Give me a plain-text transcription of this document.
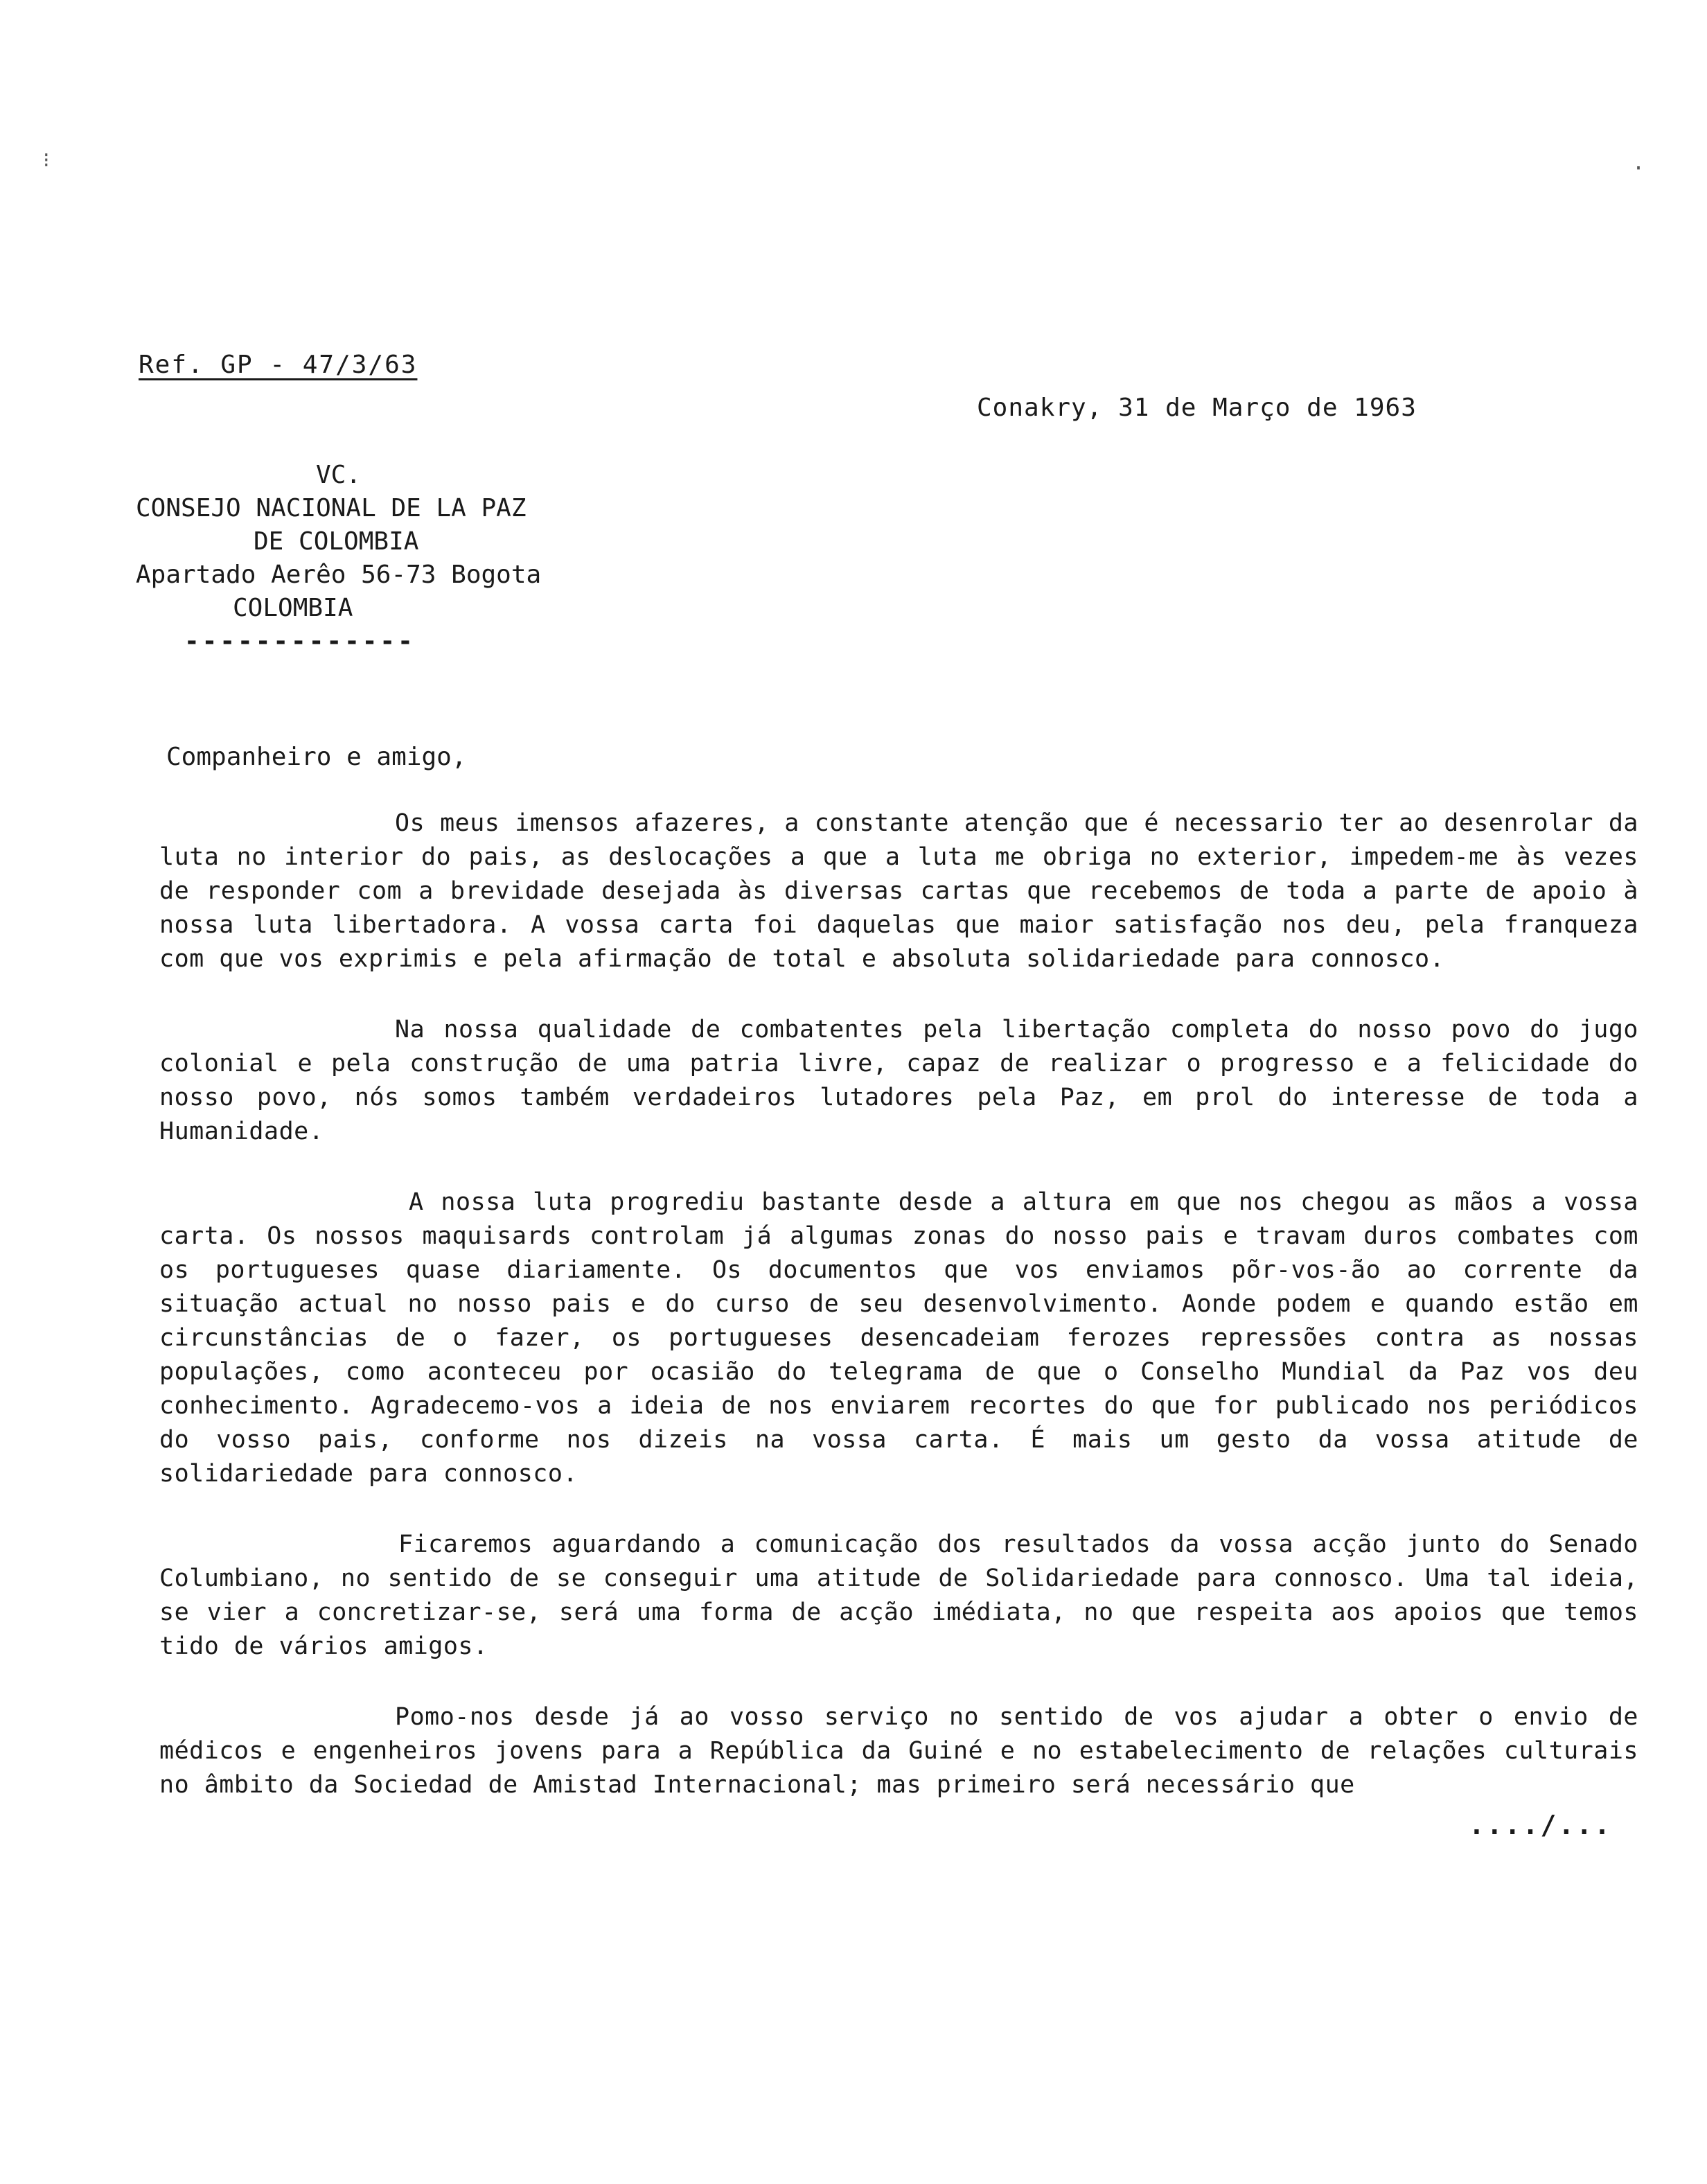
⁝	·
Ref. GP - 47/3/63
Conakry, 31 de Março de 1963
VC.
CONSEJO NACIONAL DE LA PAZ
DE COLOMBIA
Apartado Aerêo 56-73 Bogota
COLOMBIA
-------------
Companheiro e amigo,

Os meus imensos afazeres, a constante atenção que é necessario ter ao desenrolar da luta no interior do pais, as deslocações a que a luta me obriga no exterior, impedem-me às vezes de responder com a brevidade desejada às diversas cartas que recebemos de toda a parte de apoio à nossa luta libertadora. A vossa carta foi daquelas que maior satisfação nos deu, pela franqueza com que vos exprimis e pela afirmação de total e absoluta solidariedade para connosco.

Na nossa qualidade de combatentes pela libertação completa do nosso povo do jugo colonial e pela construção de uma patria livre, capaz de realizar o progresso e a felicidade do nosso povo, nós somos também verdadeiros lutadores pela Paz, em prol do interesse de toda a Humanidade.

A nossa luta progrediu bastante desde a altura em que nos chegou as mãos a vossa carta. Os nossos maquisards controlam já algumas zonas do nosso pais e travam duros combates com os portugueses quase diariamente. Os documentos que vos enviamos põr-vos-ão ao corrente da situação actual no nosso pais e do curso de seu desenvolvimento. Aonde podem e quando estão em circunstâncias de o fazer, os portugueses desencadeiam ferozes repressões contra as nossas populações, como aconteceu por ocasião do telegrama de que o Conselho Mundial da Paz vos deu conhecimento. Agradecemo-vos a ideia de nos enviarem recortes do que for publicado nos periódicos do vosso pais, conforme nos dizeis na vossa carta. É mais um gesto da vossa atitude de solidariedade para connosco.

Ficaremos aguardando a comunicação dos resultados da vossa acção junto do Senado Columbiano, no sentido de se conseguir uma atitude de Solidariedade para connosco. Uma tal ideia, se vier a concretizar-se, será uma forma de acção imédiata, no que respeita aos apoios que temos tido de vários amigos.

Pomo-nos desde já ao vosso serviço no sentido de vos ajudar a obter o envio de médicos e engenheiros jovens para a República da Guiné e no estabelecimento de relações culturais no âmbito da Sociedad de Amistad Internacional; mas primeiro será necessário que

..../...
